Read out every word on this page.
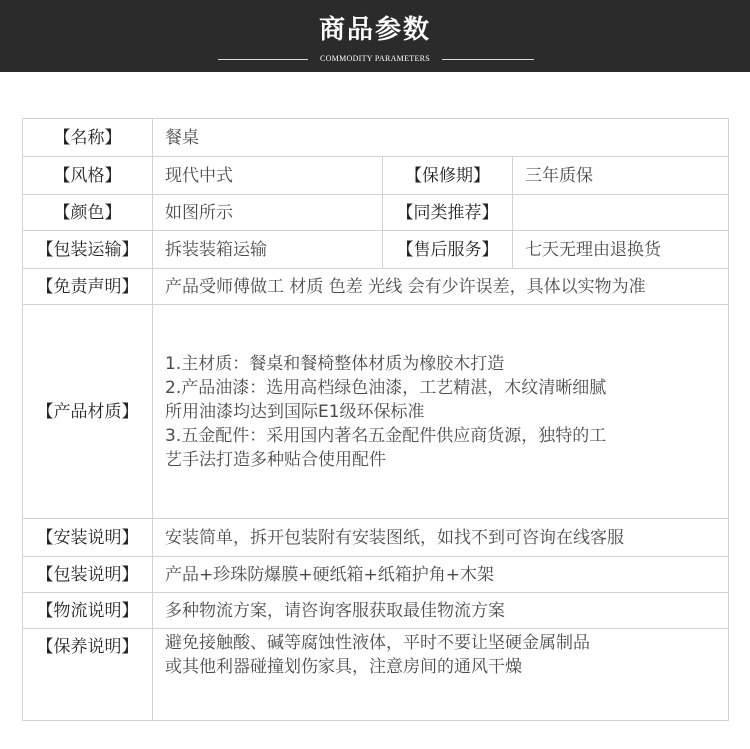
商品参数
COMMODITY PARAMETERS
【名称】	餐桌		
【风格】	现代中式	【保修期】	三年质保
【颜色】	如图所示	【同类推荐】	
【包装运输】	拆装装箱运输	【售后服务】	七天无理由退换货
【免责声明】	产品受师傅做工 材质 色差 光线 会有少许误差，具体以实物为准		
【产品材质】	1.主材质：餐桌和餐椅整体材质为橡胶木打造
2.产品油漆：选用高档绿色油漆，工艺精湛，木纹清晰细腻
所用油漆均达到国际E1级环保标准
3.五金配件：采用国内著名五金配件供应商货源，独特的工
艺手法打造多种贴合使用配件		

【安装说明】	安装简单，拆开包装附有安装图纸，如找不到可咨询在线客服		
【包装说明】	产品+珍珠防爆膜+硬纸箱+纸箱护角+木架		
【物流说明】	多种物流方案，请咨询客服获取最佳物流方案		
【保养说明】	避免接触酸、碱等腐蚀性液体，平时不要让坚硬金属制品
或其他利器碰撞划伤家具，注意房间的通风干燥		
